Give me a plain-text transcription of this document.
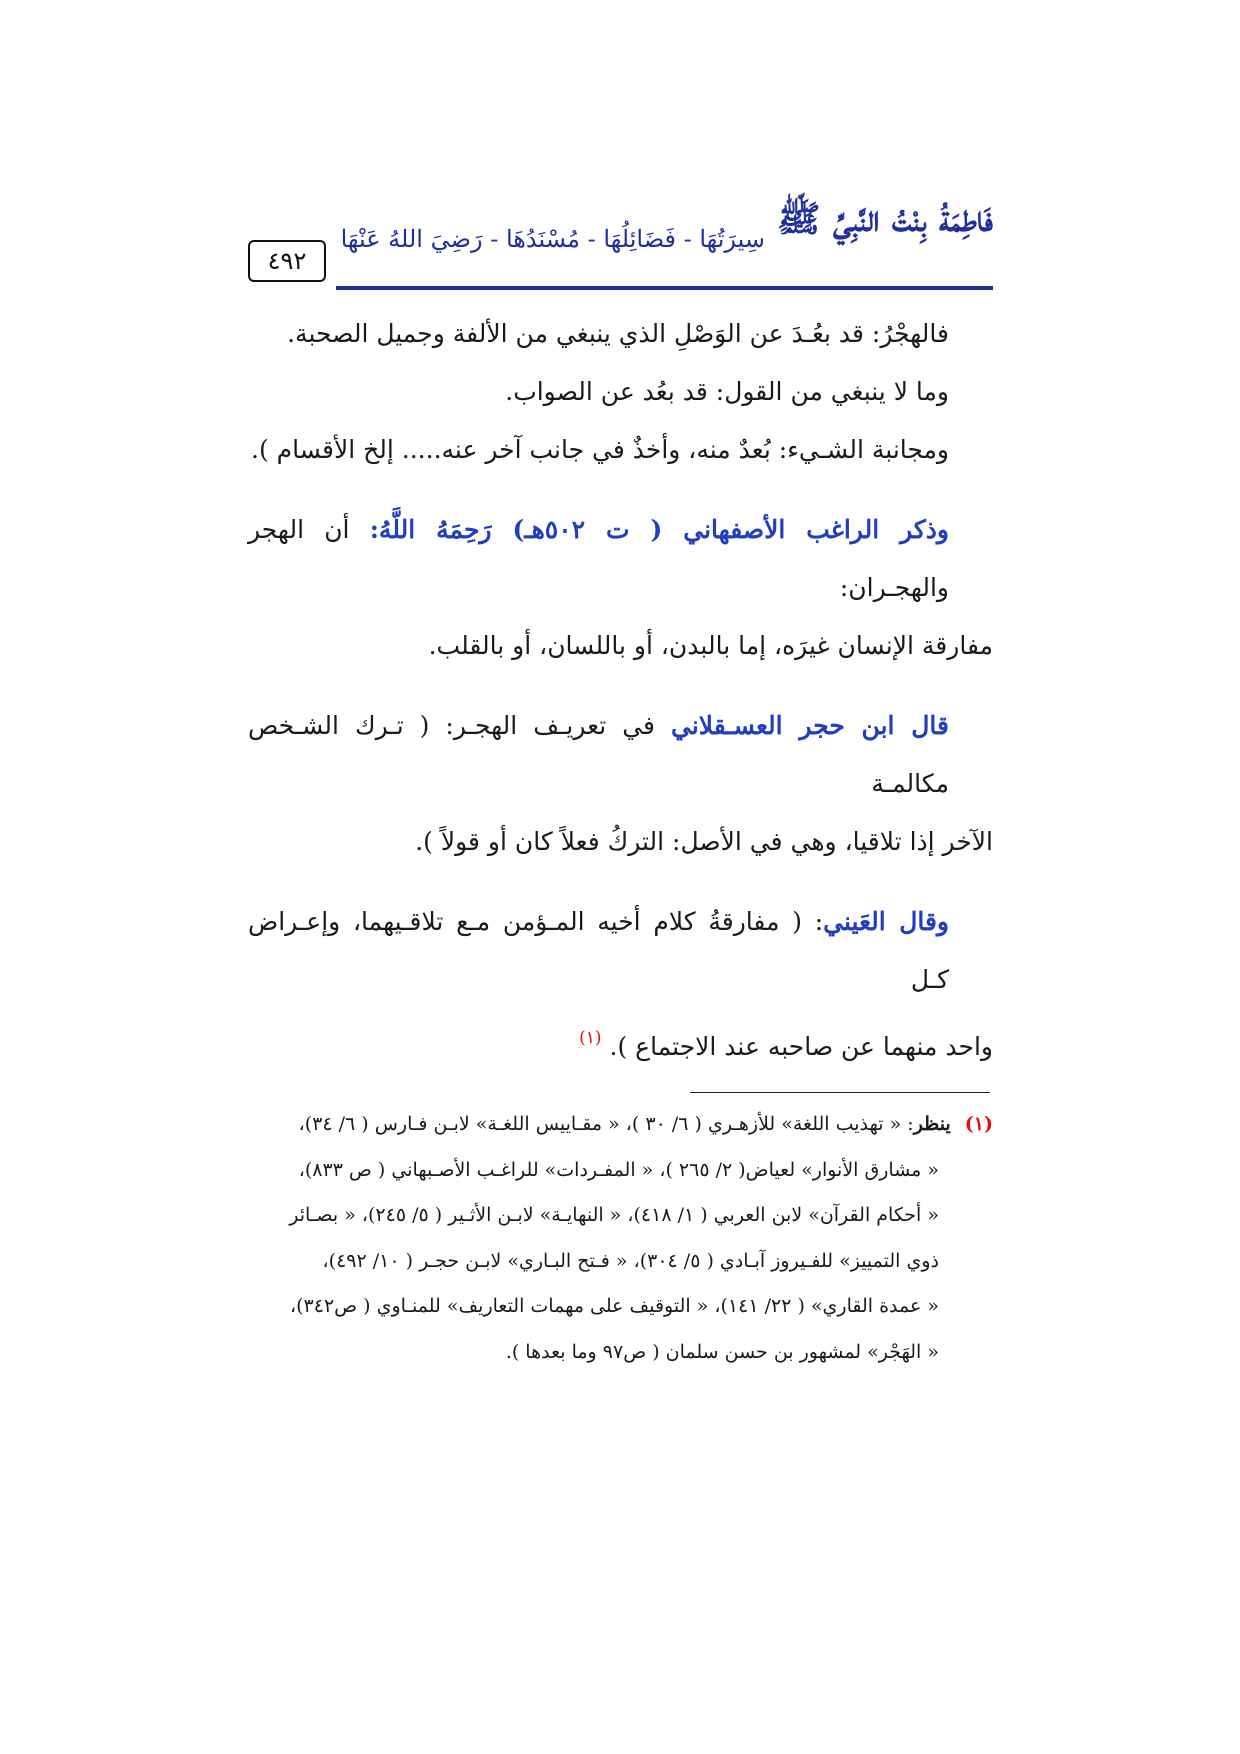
٤٩٢
فَاطِمَةُ بِنْتُ النَّبِيِّ ﷺ
سِيرَتُهَا - فَضَائِلُهَا - مُسْنَدُهَا - رَضِيَ اللهُ عَنْهَا

فالهجْرُ: قد بعُـدَ عن الوَصْلِ الذي ينبغي من الألفة وجميل الصحبة.

وما لا ينبغي من القول: قد بعُد عن الصواب.

ومجانبة الشـيء: بُعدٌ منه، وأخذٌ في جانب آخر عنه..... إلخ الأقسام ).

وذكر الراغب الأصفهاني ( ت ٥٠٢هـ) رَحِمَهُ اللَّهُ: أن الهجر والهجـران:

مفارقة الإنسان غيرَه، إما بالبدن، أو باللسان، أو بالقلب.

قال ابن حجر العسـقلاني في تعريـف الهجـر: ( تـرك الشـخص مكالمـة

الآخر إذا تلاقيا، وهي في الأصل: التركُ فعلاً كان أو قولاً ).

وقال العَيني: ( مفارقةُ كلام أخيه المـؤمن مـع تلاقـيهما، وإعـراض كـل

واحد منهما عن صاحبه عند الاجتماع ).$^{(١)}$

(١)ينظر: « تهذيب اللغة» للأزهـري ( ٦/ ٣٠ )، « مقـاييس اللغـة» لابـن فـارس ( ٦/ ٣٤)،

« مشارق الأنوار» لعياض( ٢/ ٢٦٥ )، « المفـردات» للراغـب الأصـبهاني ( ص ٨٣٣)،

« أحكام القرآن» لابن العربي ( ١/ ٤١٨)، « النهايـة» لابـن الأثـير ( ٥/ ٢٤٥)، « بصـائر

ذوي التمييز» للفـيروز آبـادي ( ٥/ ٣٠٤)، « فـتح البـاري» لابـن حجـر ( ١٠/ ٤٩٢)،

« عمدة القاري» ( ٢٢/ ١٤١)، « التوقيف على مهمات التعاريف» للمنـاوي ( ص٣٤٢)،

« الهَجْر» لمشهور بن حسن سلمان ( ص٩٧ وما بعدها ).
